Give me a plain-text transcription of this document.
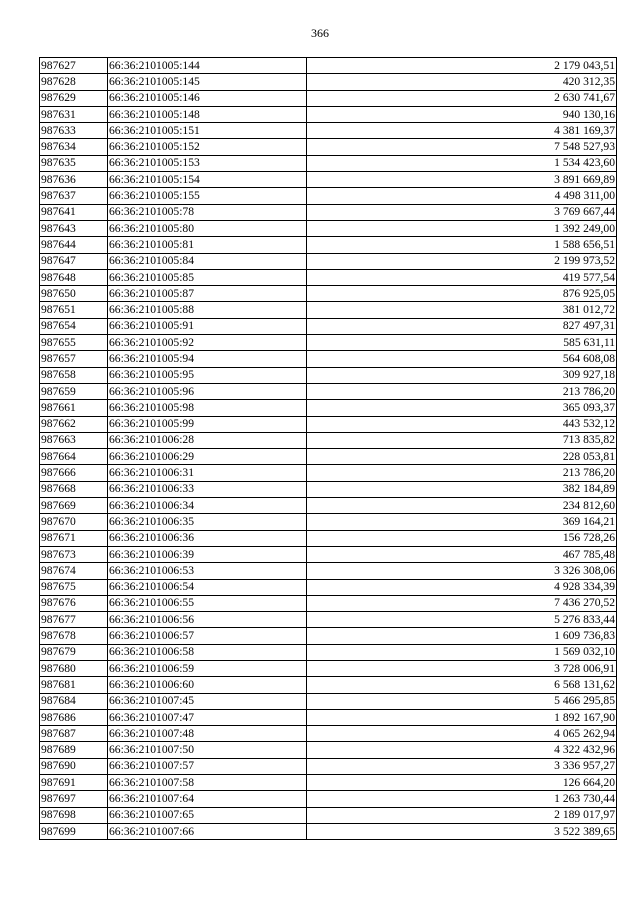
366
987627	66:36:2101005:144	2 179 043,51
987628	66:36:2101005:145	420 312,35
987629	66:36:2101005:146	2 630 741,67
987631	66:36:2101005:148	940 130,16
987633	66:36:2101005:151	4 381 169,37
987634	66:36:2101005:152	7 548 527,93
987635	66:36:2101005:153	1 534 423,60
987636	66:36:2101005:154	3 891 669,89
987637	66:36:2101005:155	4 498 311,00
987641	66:36:2101005:78	3 769 667,44
987643	66:36:2101005:80	1 392 249,00
987644	66:36:2101005:81	1 588 656,51
987647	66:36:2101005:84	2 199 973,52
987648	66:36:2101005:85	419 577,54
987650	66:36:2101005:87	876 925,05
987651	66:36:2101005:88	381 012,72
987654	66:36:2101005:91	827 497,31
987655	66:36:2101005:92	585 631,11
987657	66:36:2101005:94	564 608,08
987658	66:36:2101005:95	309 927,18
987659	66:36:2101005:96	213 786,20
987661	66:36:2101005:98	365 093,37
987662	66:36:2101005:99	443 532,12
987663	66:36:2101006:28	713 835,82
987664	66:36:2101006:29	228 053,81
987666	66:36:2101006:31	213 786,20
987668	66:36:2101006:33	382 184,89
987669	66:36:2101006:34	234 812,60
987670	66:36:2101006:35	369 164,21
987671	66:36:2101006:36	156 728,26
987673	66:36:2101006:39	467 785,48
987674	66:36:2101006:53	3 326 308,06
987675	66:36:2101006:54	4 928 334,39
987676	66:36:2101006:55	7 436 270,52
987677	66:36:2101006:56	5 276 833,44
987678	66:36:2101006:57	1 609 736,83
987679	66:36:2101006:58	1 569 032,10
987680	66:36:2101006:59	3 728 006,91
987681	66:36:2101006:60	6 568 131,62
987684	66:36:2101007:45	5 466 295,85
987686	66:36:2101007:47	1 892 167,90
987687	66:36:2101007:48	4 065 262,94
987689	66:36:2101007:50	4 322 432,96
987690	66:36:2101007:57	3 336 957,27
987691	66:36:2101007:58	126 664,20
987697	66:36:2101007:64	1 263 730,44
987698	66:36:2101007:65	2 189 017,97
987699	66:36:2101007:66	3 522 389,65
